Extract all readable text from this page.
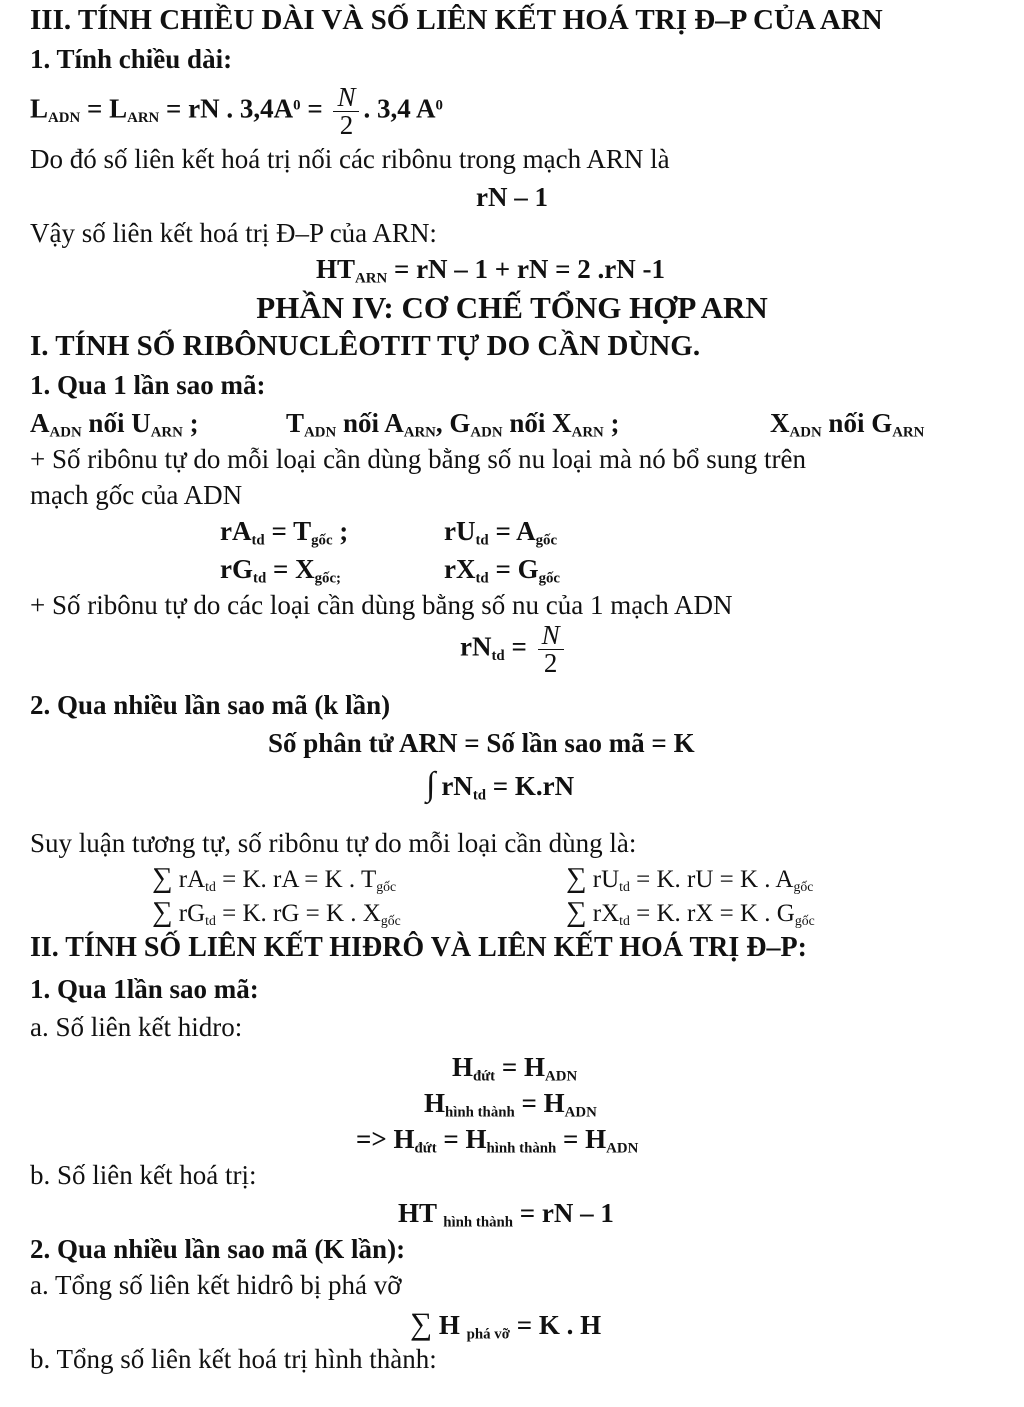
III. TÍNH CHIỀU DÀI VÀ SỐ LIÊN KẾT HOÁ TRỊ Đ–P CỦA ARN
1. Tính chiều dài:
$L_{ADN} = L_{ARN}$ = rN . $3,4A^0 = \frac{N}{2}$ . 3,4 $A^0$
Do đó số liên kết hoá trị nối các ribônu trong mạch ARN là
rN – 1
Vậy số liên kết hoá trị Đ–P của ARN:
$HT_{ARN}$ = rN – 1 + rN = 2 .rN -1
PHẦN IV: CƠ CHẾ TỔNG HỢP ARN
I. TÍNH SỐ RIBÔNUCLÊOTIT TỰ DO CẦN DÙNG.
1. Qua 1 lần sao mã:
$A_{ADN}$ nối $U_{ARN}$ ;	$T_{ADN}$ nối $A_{ARN}$, $G_{ADN}$ nối $X_{ARN}$ ;	$X_{ADN}$ nối $G_{ARN}$
+ Số ribônu tự do mỗi loại cần dùng bằng số nu loại mà nó bổ sung trên
mạch gốc của ADN
$rA_{td} = T_{gốc}$ ;	$rU_{td} = A_{gốc}$
$rG_{td} = X_{gốc;}$	$rX_{td} = G_{gốc}$
+ Số ribônu tự do các loại cần dùng bằng số nu của 1 mạch ADN
$rN_{td} = \frac{N}{2}$
2. Qua nhiều lần sao mã (k lần)
Số phân tử ARN = Số lần sao mã = K
∫ $rN_{td} = K.rN$
Suy luận tương tự, số ribônu tự do mỗi loại cần dùng là:
∑ $rA_{td} = K$. rA = K . $T_{gốc}$	∑ $rU_{td} = K$. rU = K . $A_{gốc}$
∑ $rG_{td} = K$. rG = K . $X_{gốc}$	∑ $rX_{td} = K$. rX = K . $G_{gốc}$
II. TÍNH SỐ LIÊN KẾT HIĐRÔ VÀ LIÊN KẾT HOÁ TRỊ Đ–P:
1. Qua 1lần sao mã:
a. Số liên kết hidro:
$H_{đứt} = H_{ADN}$
$H_{hình thành} = H_{ADN}$
=> $H_{đứt} = H_{hình thành} = H_{ADN}$
b. Số liên kết hoá trị:
HT $_{hình thành}$ = rN – 1
2. Qua nhiều lần sao mã (K lần):
a. Tổng số liên kết hidrô bị phá vỡ
∑ H $_{phá vỡ}$ = K . H
b. Tổng số liên kết hoá trị hình thành:
